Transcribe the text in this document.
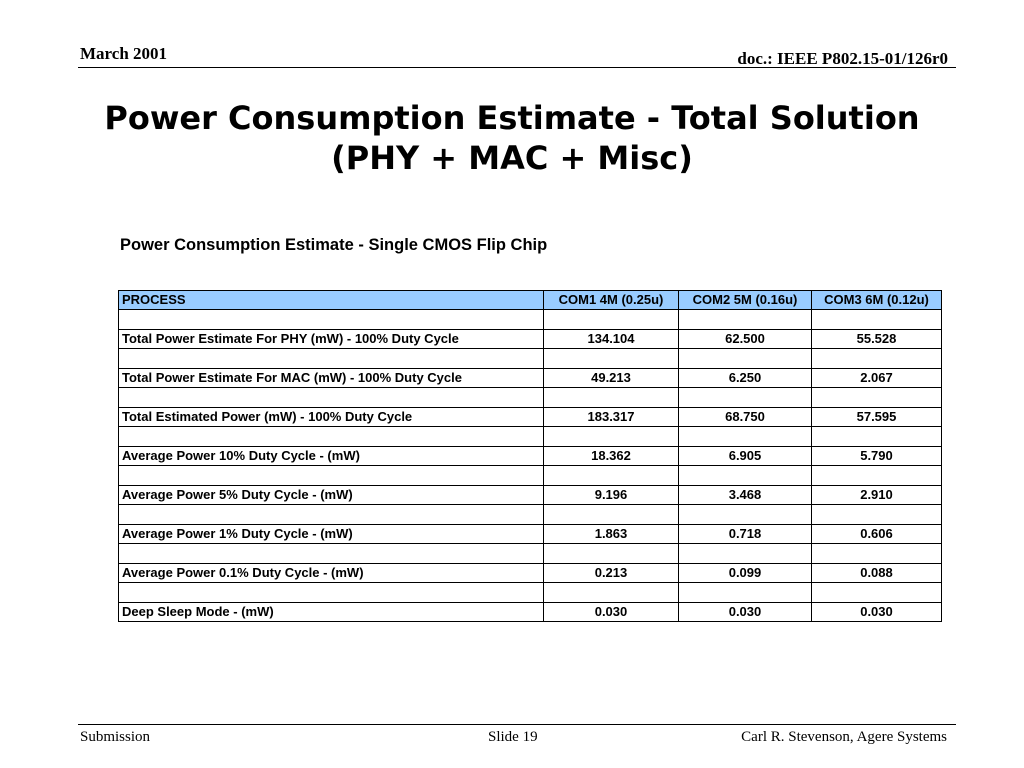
March 2001	doc.: IEEE P802.15-01/126r0
Power Consumption Estimate - Total Solution
(PHY + MAC + Misc)
Power Consumption Estimate - Single CMOS Flip Chip
PROCESS	COM1 4M (0.25u)	COM2 5M (0.16u)	COM3 6M (0.12u)

Total Power Estimate For PHY (mW) - 100% Duty Cycle	134.104	62.500	55.528

Total Power Estimate For MAC (mW) - 100% Duty Cycle	49.213	6.250	2.067

Total Estimated Power (mW) - 100% Duty Cycle	183.317	68.750	57.595

Average Power 10% Duty Cycle - (mW)	18.362	6.905	5.790

Average Power 5% Duty Cycle - (mW)	9.196	3.468	2.910

Average Power 1% Duty Cycle - (mW)	1.863	0.718	0.606

Average Power 0.1% Duty Cycle - (mW)	0.213	0.099	0.088

Deep Sleep Mode - (mW)	0.030	0.030	0.030
Submission	Slide 19	Carl R. Stevenson, Agere Systems
